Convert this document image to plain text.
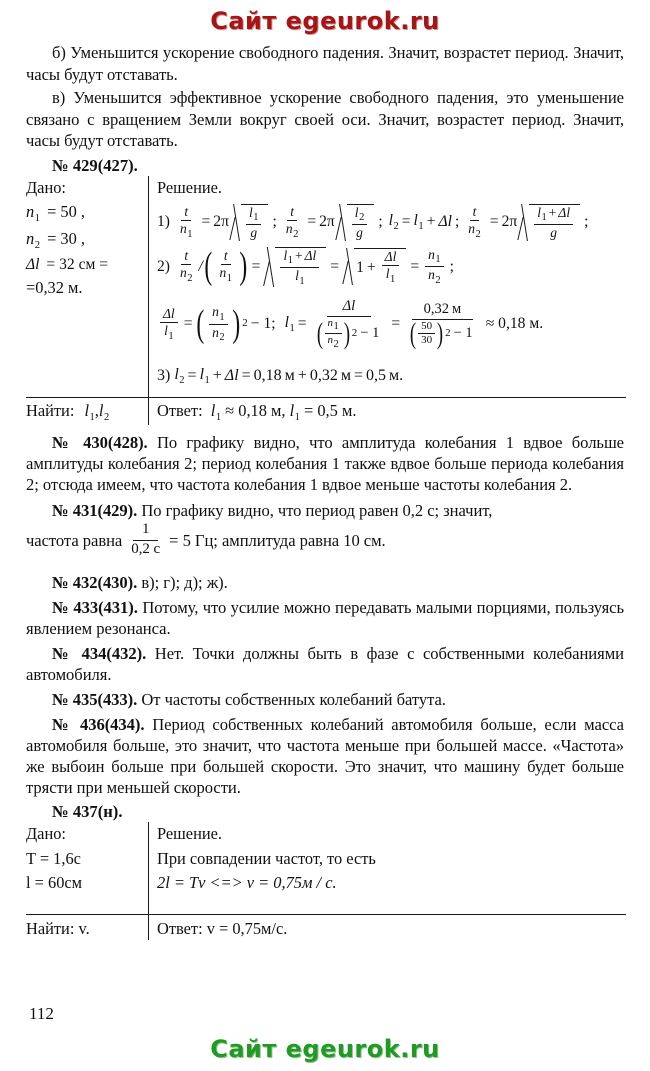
Сайт egeurok.ru

б) Уменьшится ускорение свободного падения. Значит, возрастет период. Значит, часы будут отставать.

в) Уменьшится эффективное ускорение свободного падения, это уменьшение связано с вращением Земли вокруг своей оси. Значит, возрастет период. Значит, часы будут отставать.

№ 429(427).
Дано:
$n_1 = 50$ ,
$n_2 = 30$ ,
Δl = 32 см =
=0,32 м.
Решение.
$1) \frac{t}{n_1} = 2\pi \frac{l_1}{g}$ ; $\frac{t}{n_2} = 2\pi \frac{l_2}{g}$ ; $l_2 = l_1 + \Delta l$ ; $\frac{t}{n_2} = 2\pi \frac{l_1 + \Delta l}{g}$ ;
$2) \frac{t}{n_2}$ / ( $\frac{t}{n_1}$ ) = $\frac{l_1 + \Delta l}{l_1} = 1 + \frac{\Delta l}{l_1} = \frac{n_1}{n_2}$ ;
$\frac{\Delta l}{l_1}$ = ( $\frac{n_1}{n_2}$ ) 2 − 1; $l_1$ =
Δl
( $\frac{n1}{n2}$ ) 2 − 1
=
0,32 м
( $\frac{50}{30}$ ) 2 − 1
≈ 0,18 м.
3) $l_2 = l_1 + \Delta l = 0,18$ м + 0,32 м = 0,5 м.
Найти: $l_1,l_2$	Ответ: $l_1 \approx 0,18$ м, $l_1 = 0,5$ м.

№ 430(428). По графику видно, что амплитуда колебания 1 вдвое больше амплитуды колебания 2; период колебания 1 также вдвое больше периода колебания 2; отсюда имеем, что частота колебания 1 вдвое меньше частоты колебания 2.

№ 431(429). По графику видно, что период равен 0,2 с; значит,

частота равна $\frac{1}{0,2 с} = 5$ Гц; амплитуда равна 10 см.

№ 432(430). в); г); д); ж).

№ 433(431). Потому, что усилие можно передавать малыми порциями, пользуясь явлением резонанса.

№ 434(432). Нет. Точки должны быть в фазе с собственными колебаниями автомобиля.

№ 435(433). От частоты собственных колебаний батута.

№ 436(434). Период собственных колебаний автомобиля больше, если масса автомобиля больше, это значит, что частота меньше при большей массе. «Частота» же выбоин больше при большей скорости. Это значит, что машину будет больше трясти при меньшей скорости.

№ 437(н).
Дано:
T = 1,6с
l = 60см
Решение.
При совпадении частот, то есть
2l = Tv <=> v = 0,75м / с.
Найти: v.	Ответ: v = 0,75м/с.
112
Сайт egeurok.ru
